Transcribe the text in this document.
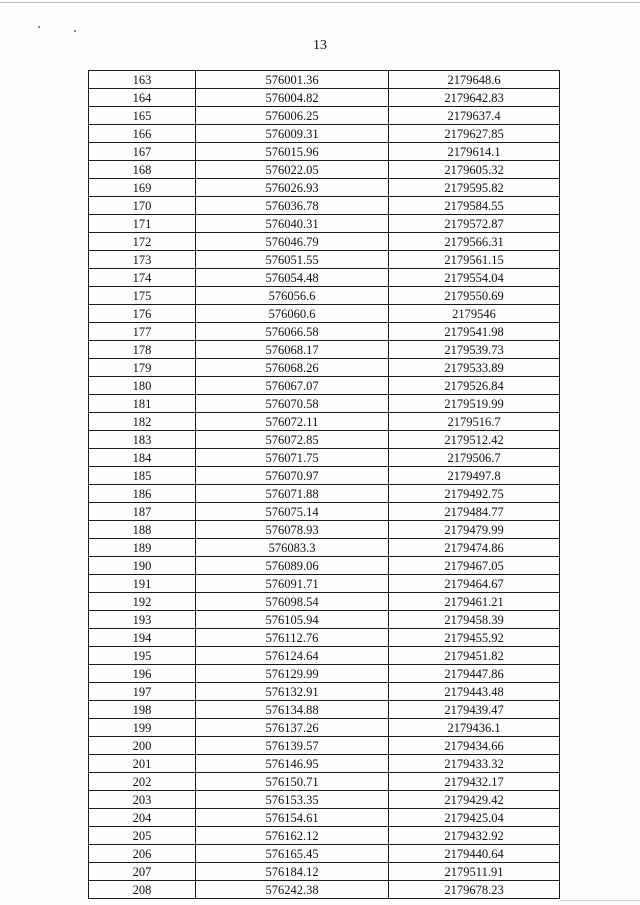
13
163	576001.36	2179648.6
164	576004.82	2179642.83
165	576006.25	2179637.4
166	576009.31	2179627.85
167	576015.96	2179614.1
168	576022.05	2179605.32
169	576026.93	2179595.82
170	576036.78	2179584.55
171	576040.31	2179572.87
172	576046.79	2179566.31
173	576051.55	2179561.15
174	576054.48	2179554.04
175	576056.6	2179550.69
176	576060.6	2179546
177	576066.58	2179541.98
178	576068.17	2179539.73
179	576068.26	2179533.89
180	576067.07	2179526.84
181	576070.58	2179519.99
182	576072.11	2179516.7
183	576072.85	2179512.42
184	576071.75	2179506.7
185	576070.97	2179497.8
186	576071.88	2179492.75
187	576075.14	2179484.77
188	576078.93	2179479.99
189	576083.3	2179474.86
190	576089.06	2179467.05
191	576091.71	2179464.67
192	576098.54	2179461.21
193	576105.94	2179458.39
194	576112.76	2179455.92
195	576124.64	2179451.82
196	576129.99	2179447.86
197	576132.91	2179443.48
198	576134.88	2179439.47
199	576137.26	2179436.1
200	576139.57	2179434.66
201	576146.95	2179433.32
202	576150.71	2179432.17
203	576153.35	2179429.42
204	576154.61	2179425.04
205	576162.12	2179432.92
206	576165.45	2179440.64
207	576184.12	2179511.91
208	576242.38	2179678.23
